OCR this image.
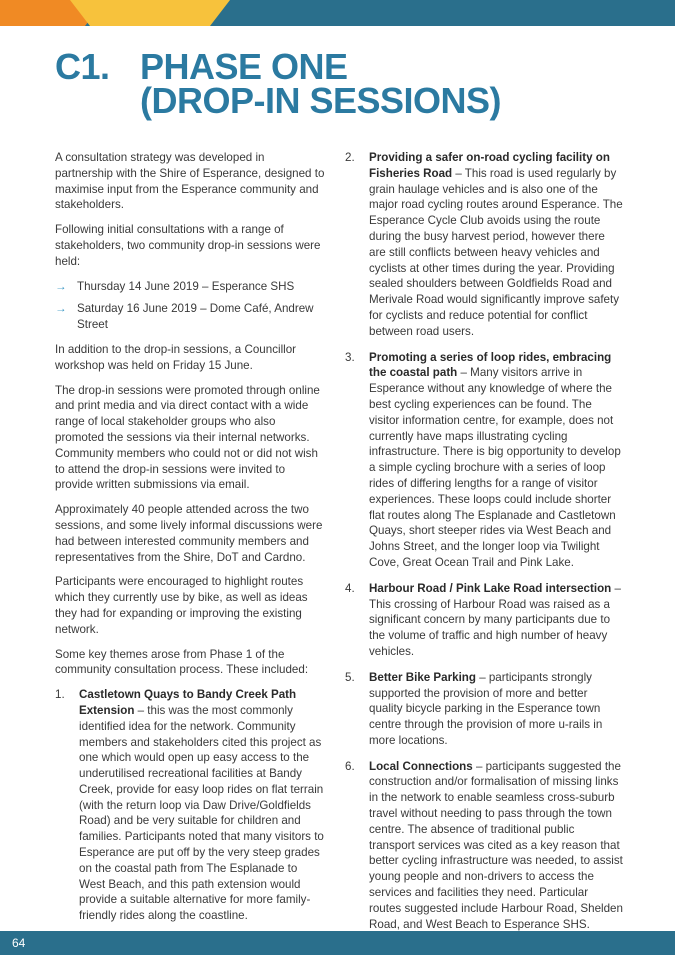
C1. PHASE ONE
(DROP-IN SESSIONS)

A consultation strategy was developed in partnership with the Shire of Esperance, designed to maximise input from the Esperance community and stakeholders.

Following initial consultations with a range of stakeholders, two community drop-in sessions were held:

→ Thursday 14 June 2019 – Esperance SHS
→ Saturday 16 June 2019 – Dome Café, Andrew Street

In addition to the drop-in sessions, a Councillor workshop was held on Friday 15 June.

The drop-in sessions were promoted through online and print media and via direct contact with a wide range of local stakeholder groups who also promoted the sessions via their internal networks. Community members who could not or did not wish to attend the drop-in sessions were invited to provide written submissions via email.

Approximately 40 people attended across the two sessions, and some lively informal discussions were had between interested community members and representatives from the Shire, DoT and Cardno.

Participants were encouraged to highlight routes which they currently use by bike, as well as ideas they had for expanding or improving the existing network.

Some key themes arose from Phase 1 of the community consultation process. These included:

1.	Castletown Quays to Bandy Creek Path Extension – this was the most commonly identified idea for the network. Community members and stakeholders cited this project as one which would open up easy access to the underutilised recreational facilities at Bandy Creek, provide for easy loop rides on flat terrain (with the return loop via Daw Drive/Goldfields Road) and be very suitable for children and families. Participants noted that many visitors to Esperance are put off by the very steep grades on the coastal path from The Esplanade to West Beach, and this path extension would provide a suitable alternative for more family-friendly rides along the coastline.
2.	Providing a safer on-road cycling facility on Fisheries Road – This road is used regularly by grain haulage vehicles and is also one of the major road cycling routes around Esperance. The Esperance Cycle Club avoids using the route during the busy harvest period, however there are still conflicts between heavy vehicles and cyclists at other times during the year. Providing sealed shoulders between Goldfields Road and Merivale Road would significantly improve safety for cyclists and reduce potential for conflict between road users.
3.	Promoting a series of loop rides, embracing the coastal path – Many visitors arrive in Esperance without any knowledge of where the best cycling experiences can be found. The visitor information centre, for example, does not currently have maps illustrating cycling infrastructure. There is big opportunity to develop a simple cycling brochure with a series of loop rides of differing lengths for a range of visitor experiences. These loops could include shorter flat routes along The Esplanade and Castletown Quays, short steeper rides via West Beach and Johns Street, and the longer loop via Twilight Cove, Great Ocean Trail and Pink Lake.
4.	Harbour Road / Pink Lake Road intersection – This crossing of Harbour Road was raised as a significant concern by many participants due to the volume of traffic and high number of heavy vehicles.
5.	Better Bike Parking – participants strongly supported the provision of more and better quality bicycle parking in the Esperance town centre through the provision of more u-rails in more locations.
6.	Local Connections – participants suggested the construction and/or formalisation of missing links in the network to enable seamless cross-suburb travel without needing to pass through the town centre. The absence of traditional public transport services was cited as a key reason that better cycling infrastructure was needed, to assist young people and non-drivers to access the services and facilities they need. Particular routes suggested include Harbour Road, Shelden Road, and West Beach to Esperance SHS.
64
